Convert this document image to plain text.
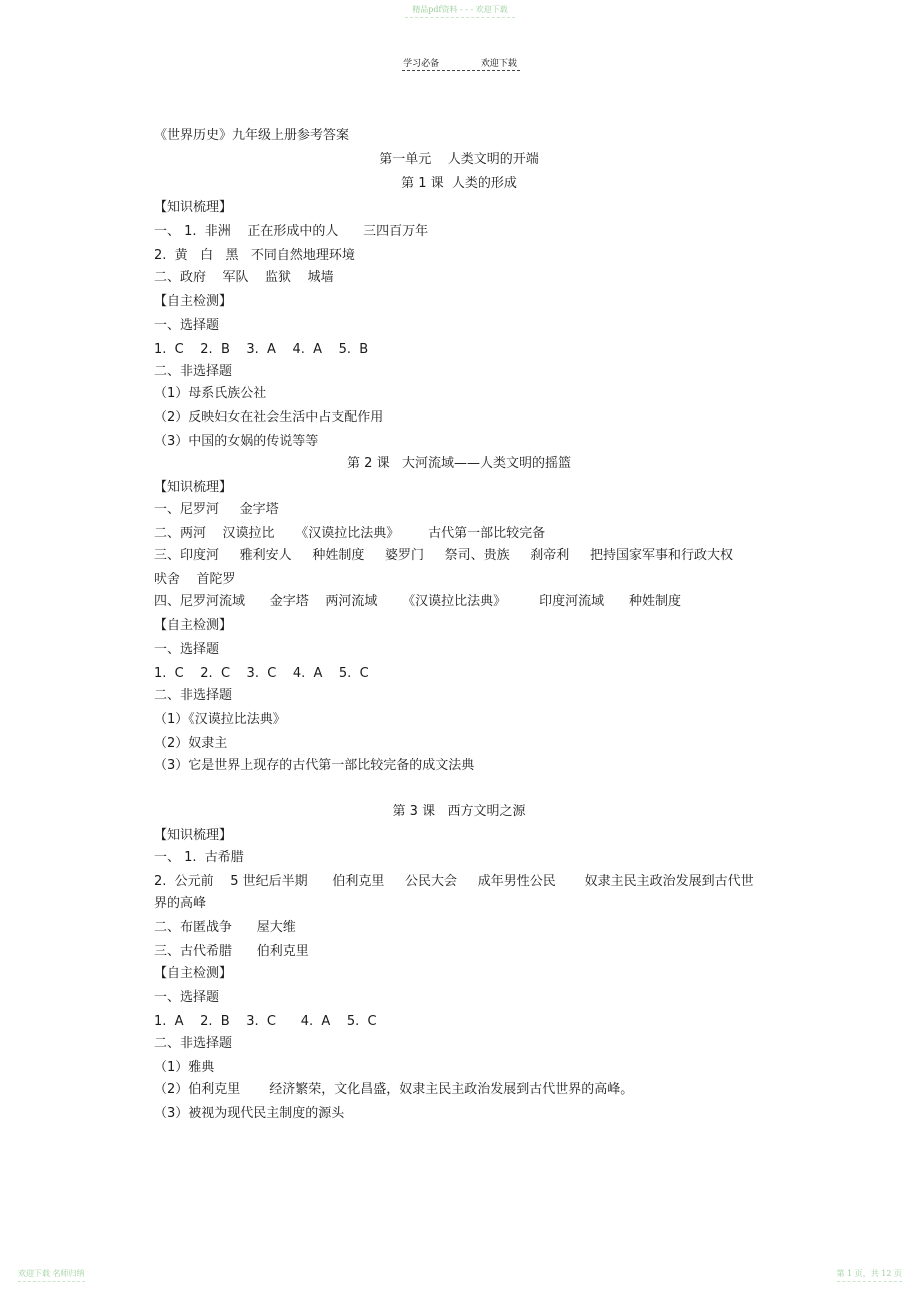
精品pdf资料 - - - 欢迎下载
学习必备	欢迎下载
《世界历史》九年级上册参考答案
第一单元    人类文明的开端
第 1 课  人类的形成
【知识梳理】
一、 1.  非洲    正在形成中的人      三四百万年
2.  黄   白   黑   不同自然地理环境
二、政府    军队    监狱    城墙
【自主检测】
一、选择题
1.  C    2.  B    3.  A    4.  A    5.  B
二、非选择题
（1）母系氏族公社
（2）反映妇女在社会生活中占支配作用
（3）中国的女娲的传说等等
第 2 课   大河流域——人类文明的摇篮
【知识梳理】
一、尼罗河     金字塔
二、两河    汉谟拉比     《汉谟拉比法典》       古代第一部比较完备
三、印度河     雅利安人     种姓制度     婆罗门     祭司、贵族     刹帝利     把持国家军事和行政大权
吠舍    首陀罗
四、尼罗河流域      金字塔    两河流域      《汉谟拉比法典》        印度河流域      种姓制度
【自主检测】
一、选择题
1.  C    2.  C    3.  C    4.  A    5.  C
二、非选择题
（1）《汉谟拉比法典》
（2）奴隶主
（3）它是世界上现存的古代第一部比较完备的成文法典
第 3 课   西方文明之源
【知识梳理】
一、 1.  古希腊
2.  公元前    5 世纪后半期      伯利克里     公民大会     成年男性公民       奴隶主民主政治发展到古代世
界的高峰
二、布匿战争      屋大维
三、古代希腊      伯利克里
【自主检测】
一、选择题
1.  A    2.  B    3.  C      4.  A    5.  C
二、非选择题
（1）雅典
（2）伯利克里       经济繁荣，文化昌盛，奴隶主民主政治发展到古代世界的高峰。
（3）被视为现代民主制度的源头
欢迎下载 名师归纳	第 1 页，共 12 页
